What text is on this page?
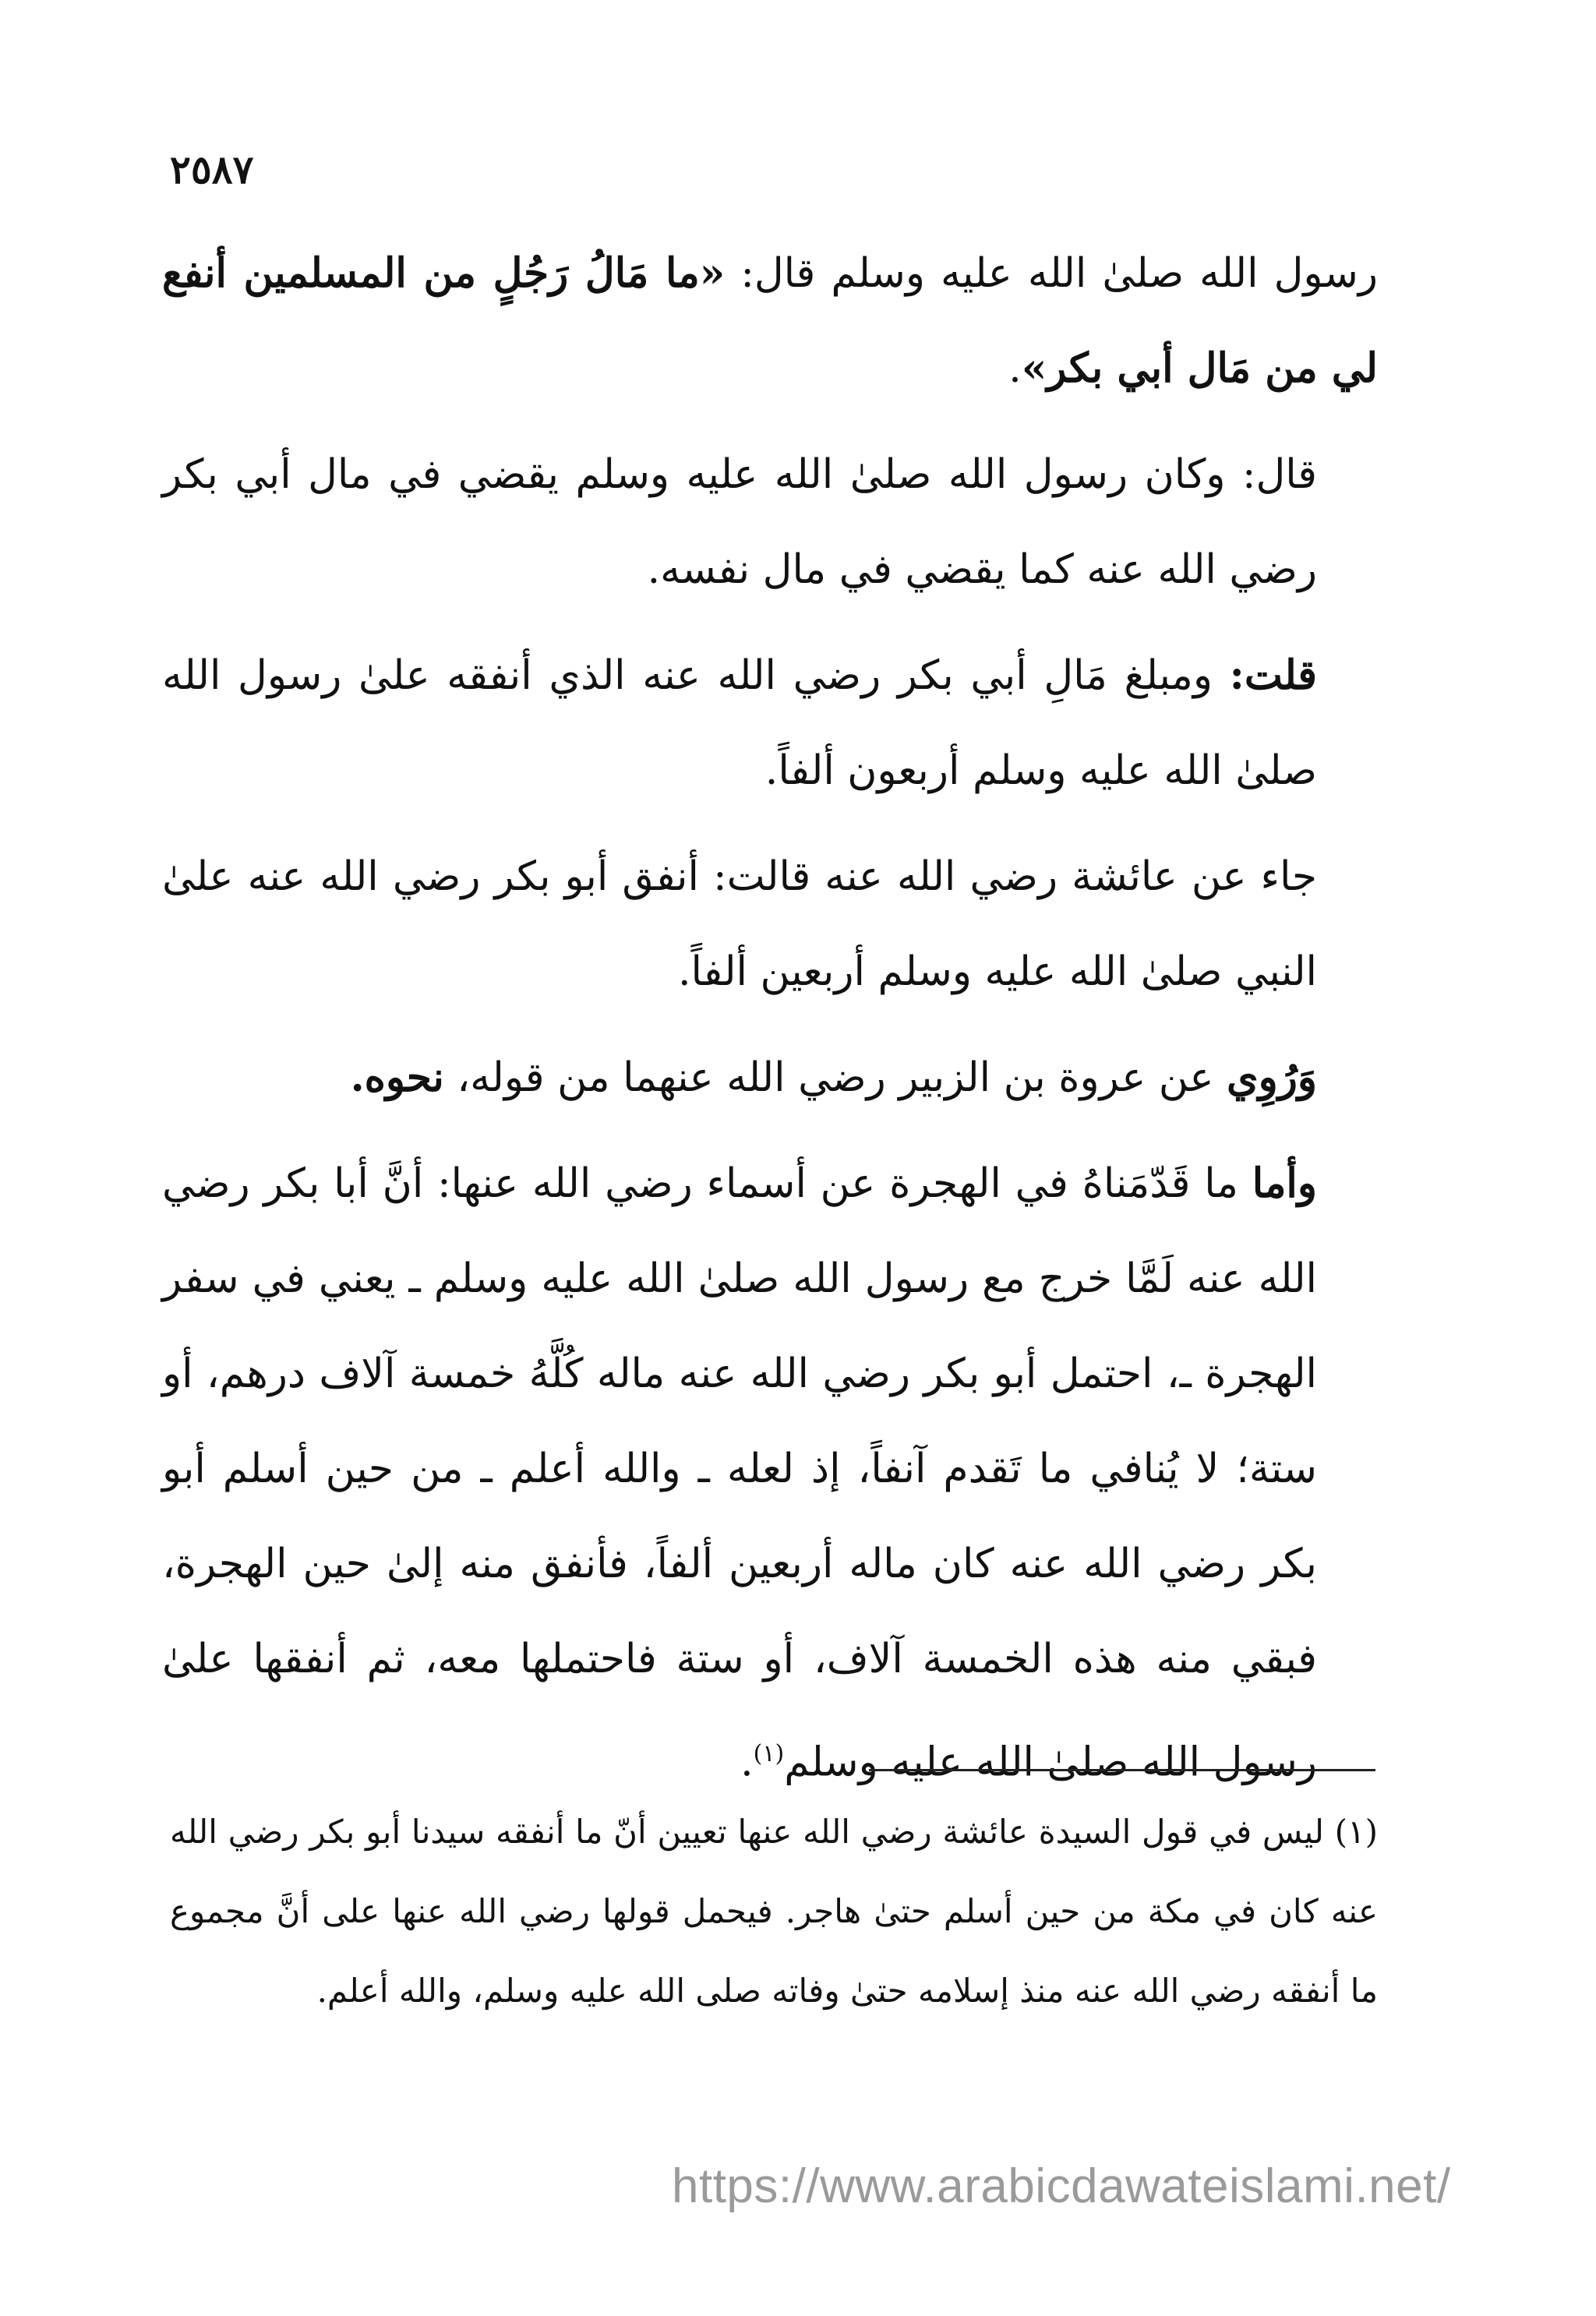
٢٥٨٧

رسول الله صلىٰ الله عليه وسلم قال: «ما مَالُ رَجُلٍ من المسلمين أنفع لي من مَال أبي بكر».

قال: وكان رسول الله صلىٰ الله عليه وسلم يقضي في مال أبي بكر رضي الله عنه كما يقضي في مال نفسه.

قلت: ومبلغ مَالِ أبي بكر رضي الله عنه الذي أنفقه علىٰ رسول الله صلىٰ الله عليه وسلم أربعون ألفاً.

جاء عن عائشة رضي الله عنه قالت: أنفق أبو بكر رضي الله عنه علىٰ النبي صلىٰ الله عليه وسلم أربعين ألفاً.

وَرُوِي عن عروة بن الزبير رضي الله عنهما من قوله، نحوه.

وأما ما قَدّمَناهُ في الهجرة عن أسماء رضي الله عنها: أنَّ أبا بكر رضي الله عنه لَمَّا خرج مع رسول الله صلىٰ الله عليه وسلم ـ يعني في سفر الهجرة ـ، احتمل أبو بكر رضي الله عنه ماله كُلَّهُ خمسة آلاف درهم، أو ستة؛ لا يُنافي ما تَقدم آنفاً، إذ لعله ـ والله أعلم ـ من حين أسلم أبو بكر رضي الله عنه كان ماله أربعين ألفاً، فأنفق منه إلىٰ حين الهجرة، فبقي منه هذه الخمسة آلاف، أو ستة فاحتملها معه، ثم أنفقها علىٰ رسول الله صلىٰ الله عليه وسلم$^{(١)}$.

(١) ليس في قول السيدة عائشة رضي الله عنها تعيين أنّ ما أنفقه سيدنا أبو بكر رضي الله عنه كان في مكة من حين أسلم حتىٰ هاجر. فيحمل قولها رضي الله عنها على أنَّ مجموع ما أنفقه رضي الله عنه منذ إسلامه حتىٰ وفاته صلى الله عليه وسلم، والله أعلم.

https://www.arabicdawateislami.net/
